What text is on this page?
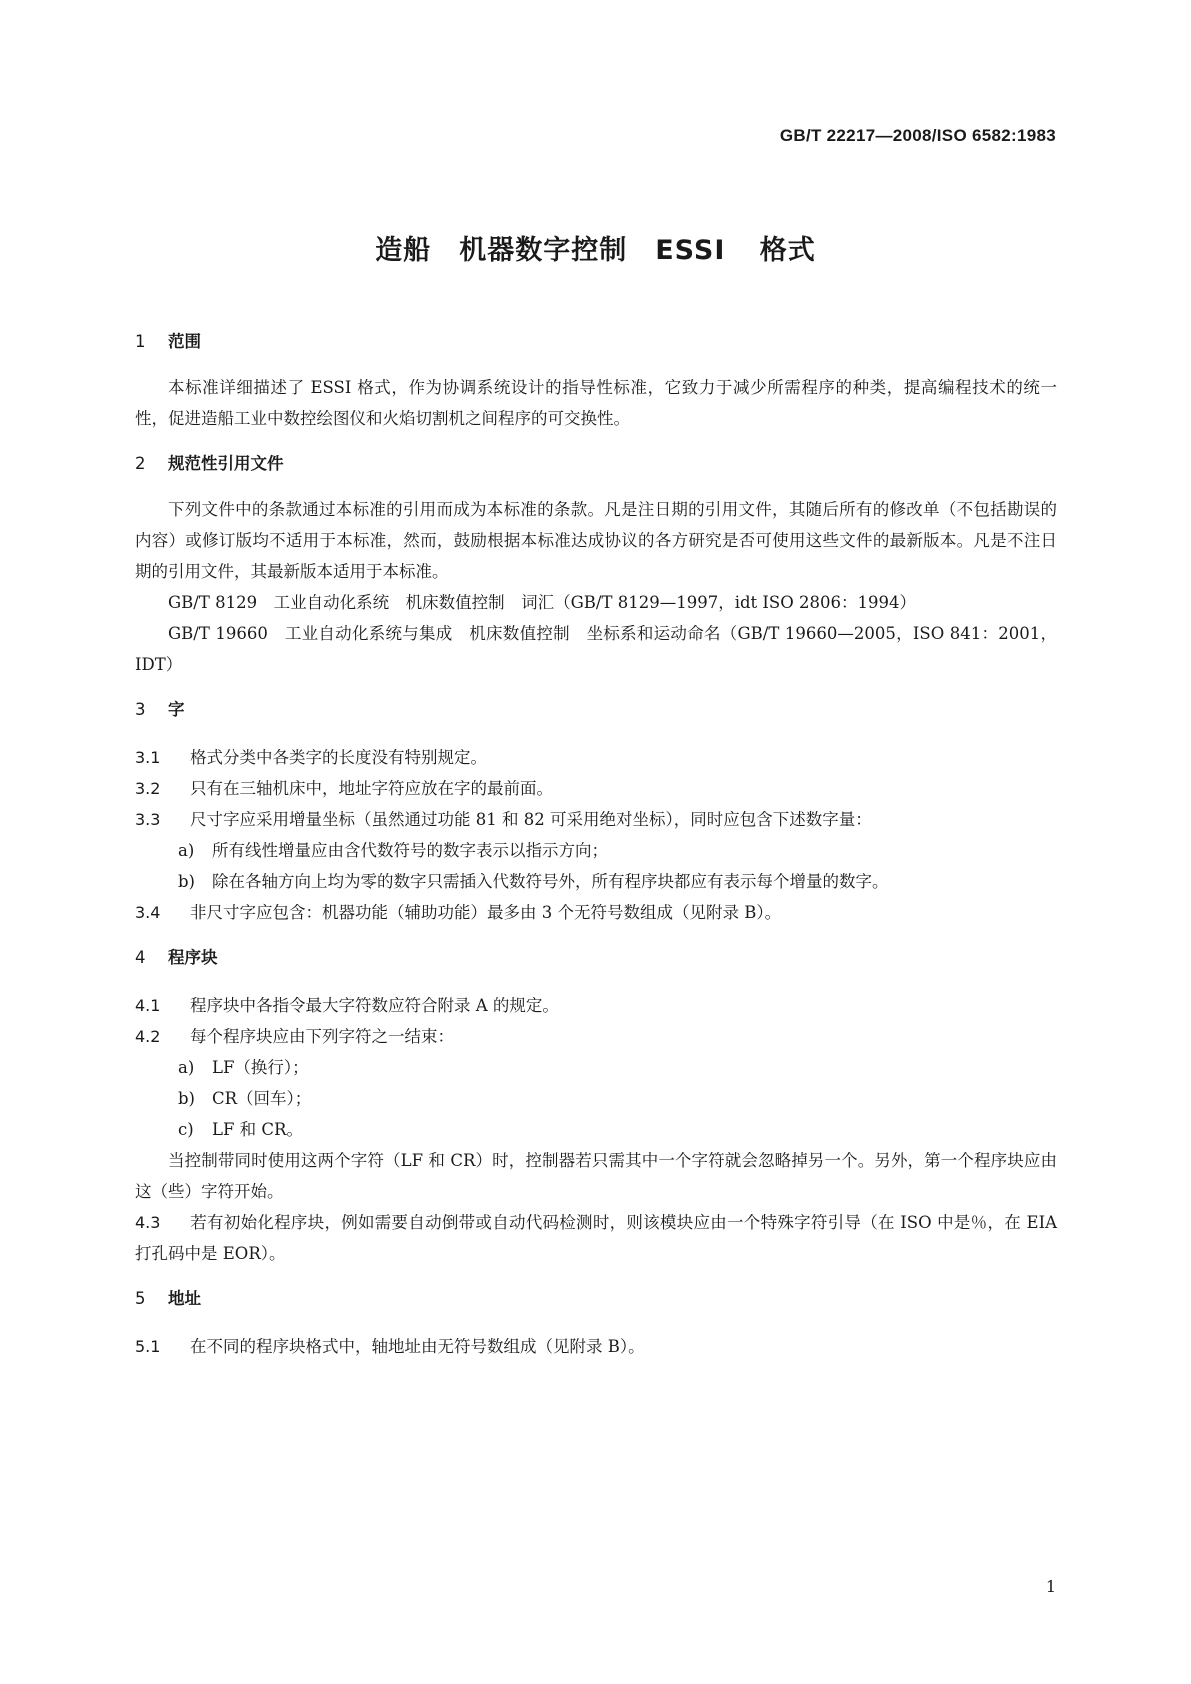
GB/T 22217—2008/ISO 6582:1983
造船　机器数字控制　ESSI 格式
1 范围

本标准详细描述了 ESSI 格式，作为协调系统设计的指导性标准，它致力于减少所需程序的种类，提高编程技术的统一性，促进造船工业中数控绘图仪和火焰切割机之间程序的可交换性。

2 规范性引用文件

下列文件中的条款通过本标准的引用而成为本标准的条款。凡是注日期的引用文件，其随后所有的修改单（不包括勘误的内容）或修订版均不适用于本标准，然而，鼓励根据本标准达成协议的各方研究是否可使用这些文件的最新版本。凡是不注日期的引用文件，其最新版本适用于本标准。

GB/T 8129　工业自动化系统　机床数值控制　词汇（GB/T 8129—1997，idt ISO 2806：1994）

GB/T 19660　工业自动化系统与集成　机床数值控制　坐标系和运动命名（GB/T 19660—2005，ISO 841：2001，IDT）

3 字

3.1 格式分类中各类字的长度没有特别规定。

3.2 只有在三轴机床中，地址字符应放在字的最前面。

3.3 尺寸字应采用增量坐标（虽然通过功能 81 和 82 可采用绝对坐标），同时应包含下述数字量：

a) 所有线性增量应由含代数符号的数字表示以指示方向；

b) 除在各轴方向上均为零的数字只需插入代数符号外，所有程序块都应有表示每个增量的数字。

3.4 非尺寸字应包含：机器功能（辅助功能）最多由 3 个无符号数组成（见附录 B）。

4 程序块

4.1 程序块中各指令最大字符数应符合附录 A 的规定。

4.2 每个程序块应由下列字符之一结束：

a) LF（换行）；

b) CR（回车）；

c) LF 和 CR。

当控制带同时使用这两个字符（LF 和 CR）时，控制器若只需其中一个字符就会忽略掉另一个。另外，第一个程序块应由这（些）字符开始。

4.3 若有初始化程序块，例如需要自动倒带或自动代码检测时，则该模块应由一个特殊字符引导（在 ISO 中是％，在 EIA 打孔码中是 EOR）。

5 地址

5.1 在不同的程序块格式中，轴地址由无符号数组成（见附录 B）。

1
